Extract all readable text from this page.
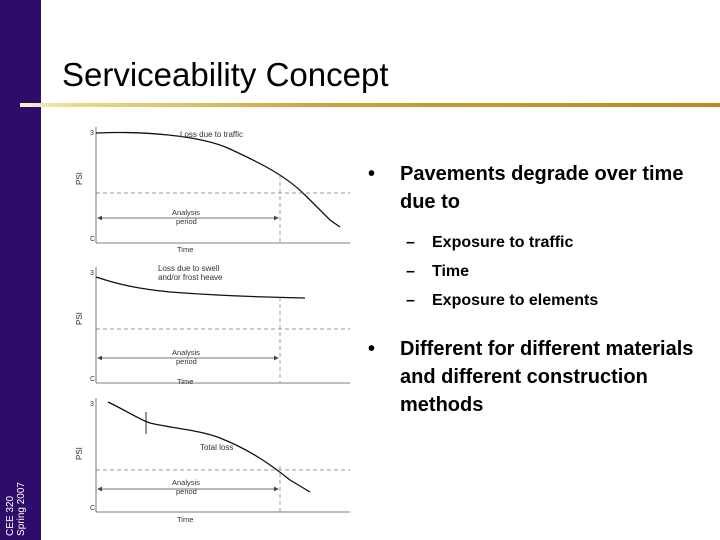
CEE 320 Spring 2007
Serviceability Concept
3
C
PSI
Loss due to traffic
Analysis period
Time
3
C
PSI
Loss due to swell and/or frost heave
Analysis period
Time
3
C
PSI	Total loss
Analysis period
Time
• Pavements degrade over time due to
– Exposure to traffic
– Time
– Exposure to elements
• Different for different materials and different construction methods
